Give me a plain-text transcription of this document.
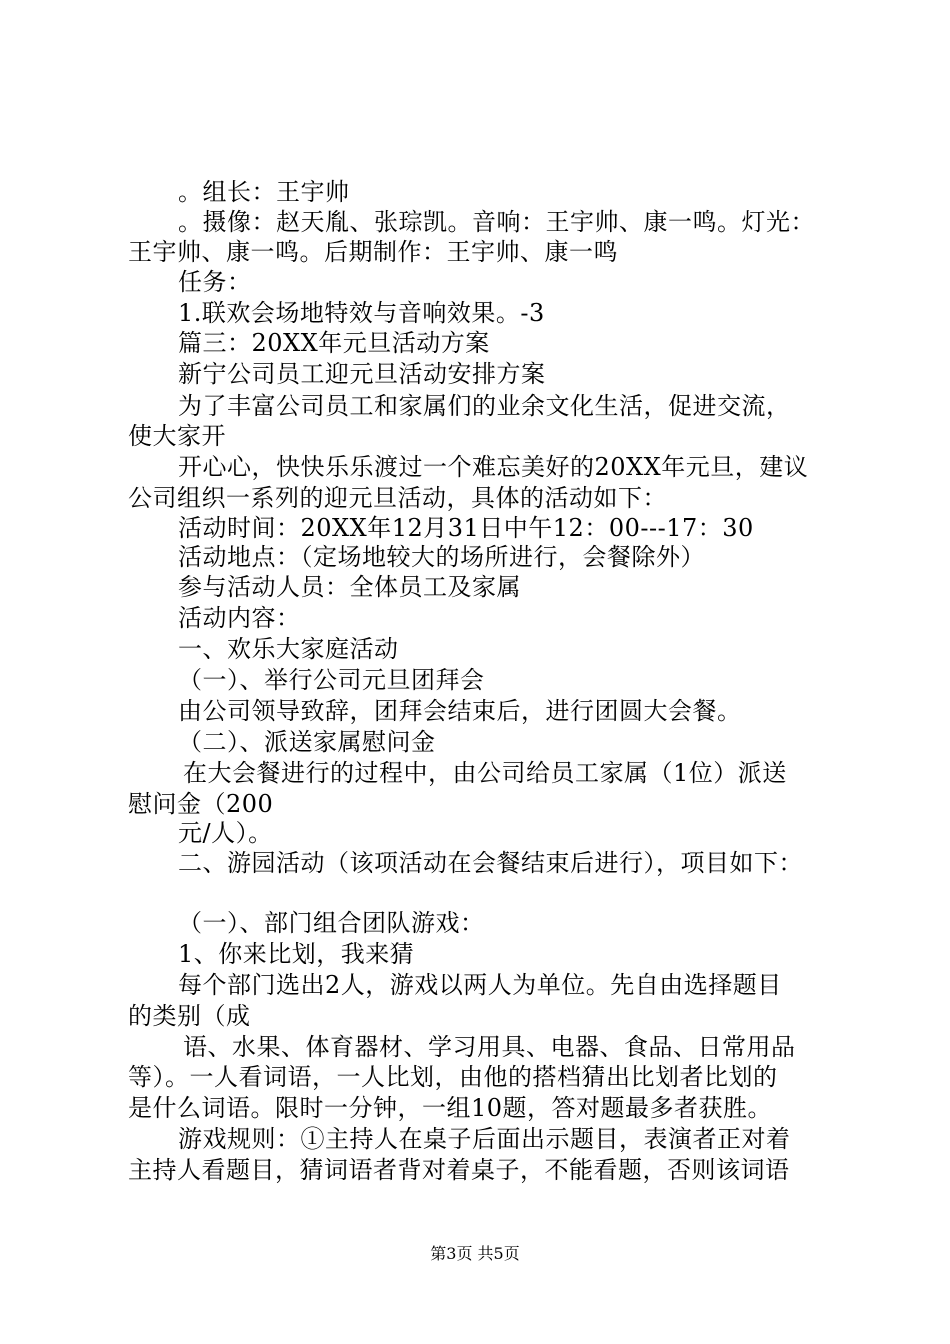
。组长：王宇帅
。摄像：赵天胤、张琮凯。音响：王宇帅、康一鸣。灯光：
王宇帅、康一鸣。后期制作：王宇帅、康一鸣
任务：
1.联欢会场地特效与音响效果。-3
篇三：20XX年元旦活动方案
新宁公司员工迎元旦活动安排方案
为了丰富公司员工和家属们的业余文化生活，促进交流，
使大家开
开心心，快快乐乐渡过一个难忘美好的20XX年元旦，建议
公司组织一系列的迎元旦活动，具体的活动如下：
活动时间：20XX年12月31日中午12：00---17：30
活动地点：（定场地较大的场所进行，会餐除外）
参与活动人员：全体员工及家属
活动内容：
一、欢乐大家庭活动
（一）、举行公司元旦团拜会
由公司领导致辞，团拜会结束后，进行团圆大会餐。
（二）、派送家属慰问金
在大会餐进行的过程中，由公司给员工家属（1位）派送
慰问金（200
元/人）。
二、游园活动（该项活动在会餐结束后进行），项目如下：
（一）、部门组合团队游戏：
1、你来比划，我来猜
每个部门选出2人，游戏以两人为单位。先自由选择题目
的类别（成
语、水果、体育器材、学习用具、电器、食品、日常用品
等）。一人看词语，一人比划，由他的搭档猜出比划者比划的
是什么词语。限时一分钟，一组10题，答对题最多者获胜。
游戏规则：①主持人在桌子后面出示题目，表演者正对着
主持人看题目，猜词语者背对着桌子，不能看题，否则该词语
第3页 共5页
